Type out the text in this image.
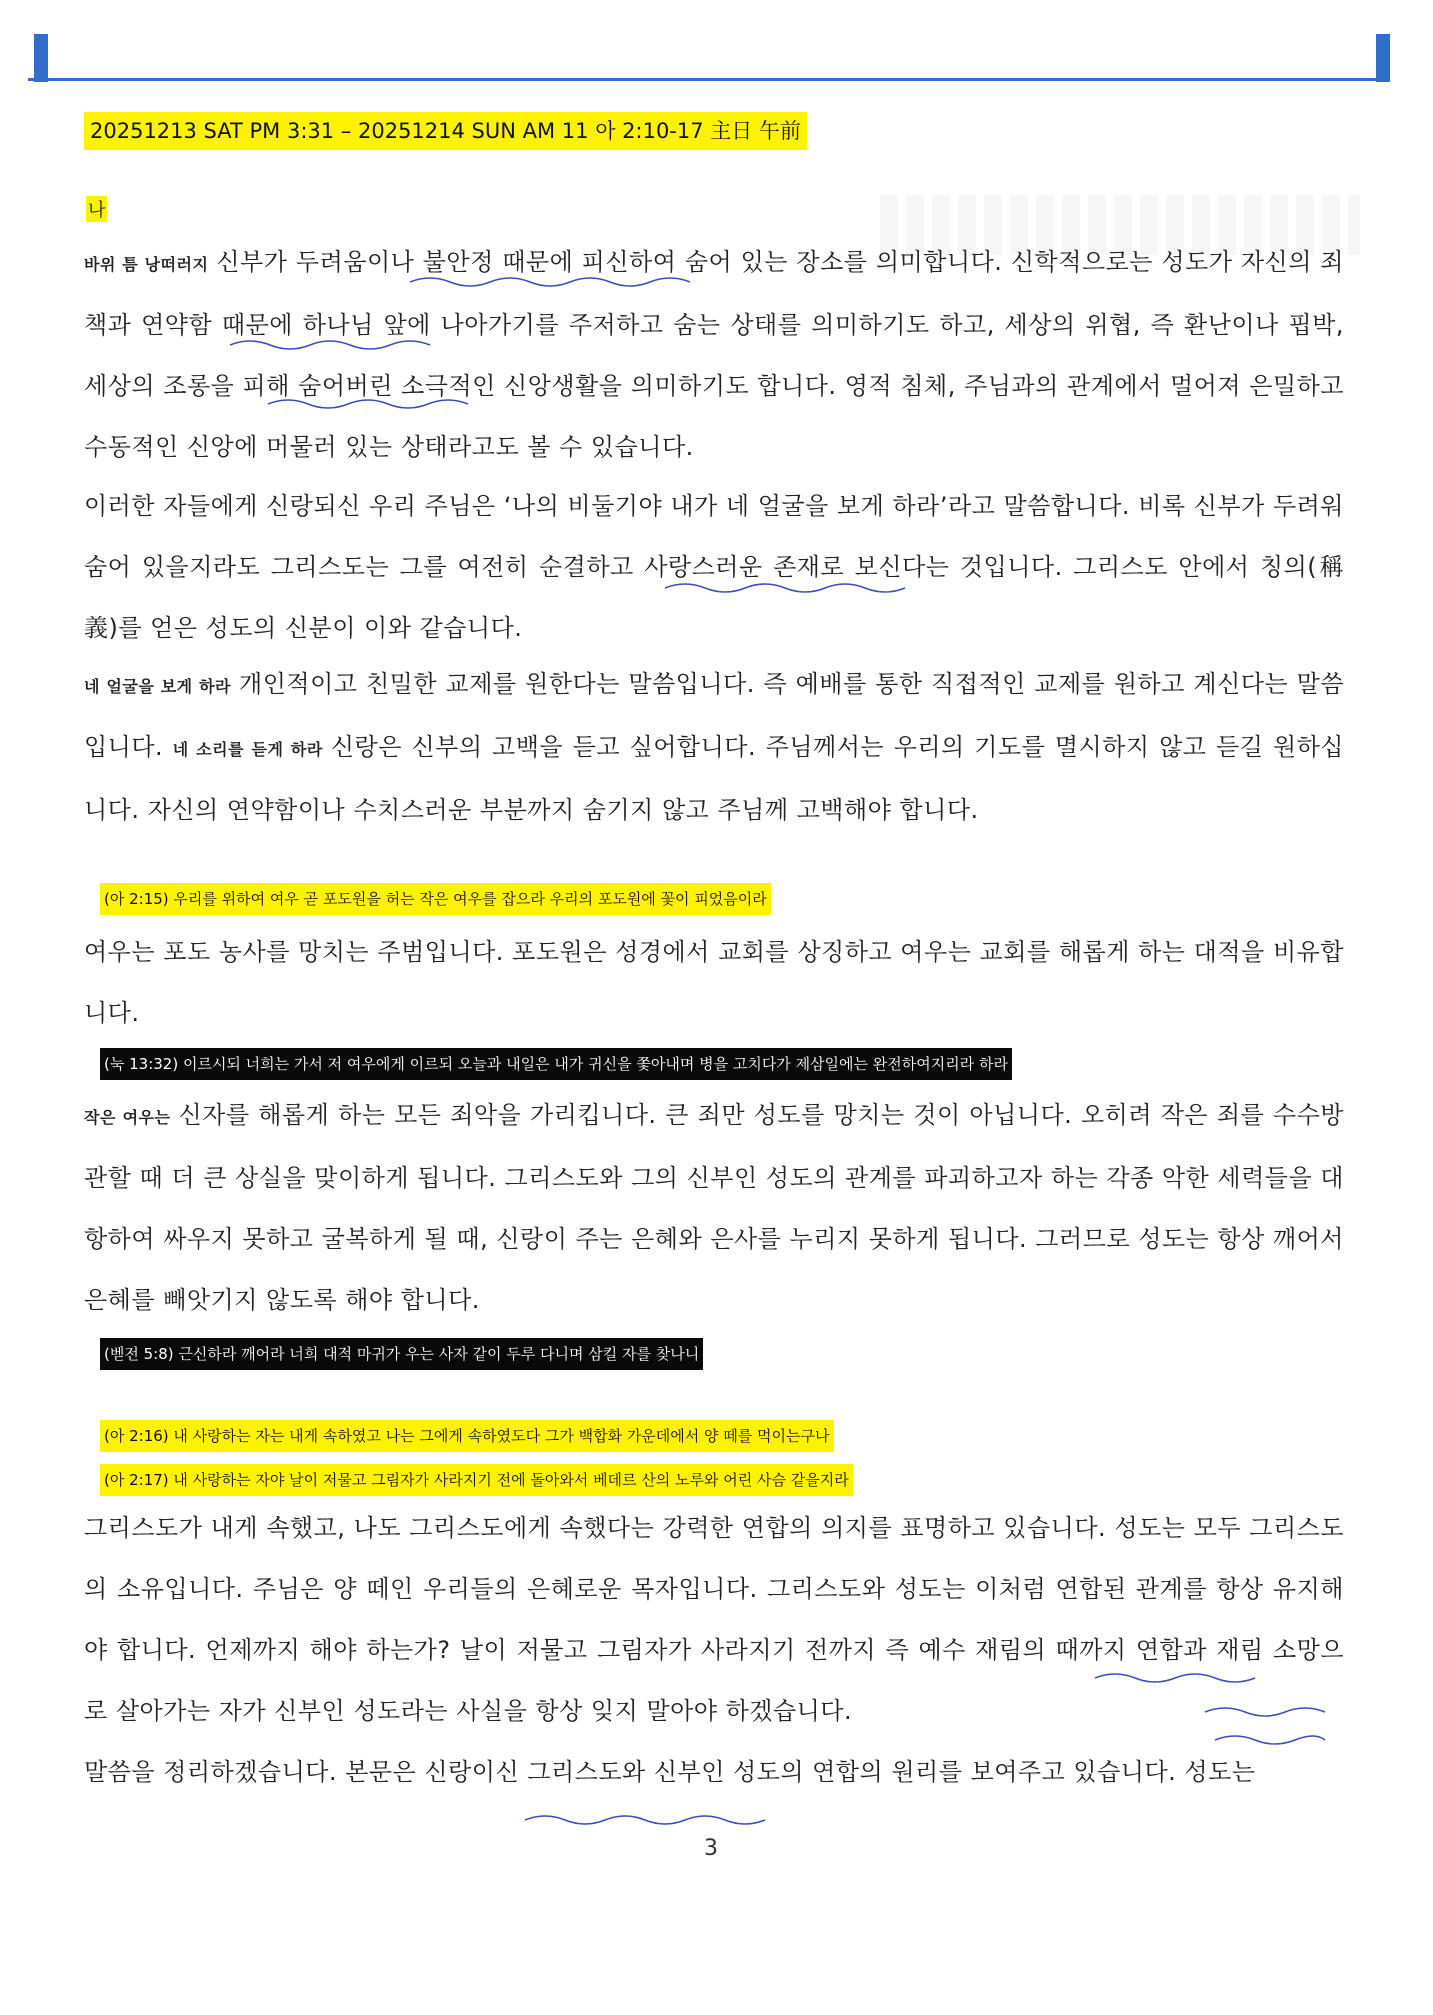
20251213 SAT PM 3:31 – 20251214 SUN AM 11 아 2:10-17 主日 午前
나
바위 틈 낭떠러지 신부가 두려움이나 불안정 때문에 피신하여 숨어 있는 장소를 의미합니다. 신학적으로는 성도가 자신의 죄책과 연약함 때문에 하나님 앞에 나아가기를 주저하고 숨는 상태를 의미하기도 하고, 세상의 위협, 즉 환난이나 핍박, 세상의 조롱을 피해 숨어버린 소극적인 신앙생활을 의미하기도 합니다. 영적 침체, 주님과의 관계에서 멀어져 은밀하고 수동적인 신앙에 머물러 있는 상태라고도 볼 수 있습니다.
이러한 자들에게 신랑되신 우리 주님은 ‘나의 비둘기야 내가 네 얼굴을 보게 하라’라고 말씀합니다. 비록 신부가 두려워 숨어 있을지라도 그리스도는 그를 여전히 순결하고 사랑스러운 존재로 보신다는 것입니다. 그리스도 안에서 칭의(稱義)를 얻은 성도의 신분이 이와 같습니다.
네 얼굴을 보게 하라 개인적이고 친밀한 교제를 원한다는 말씀입니다. 즉 예배를 통한 직접적인 교제를 원하고 계신다는 말씀입니다. 네 소리를 듣게 하라 신랑은 신부의 고백을 듣고 싶어합니다. 주님께서는 우리의 기도를 멸시하지 않고 듣길 원하십니다. 자신의 연약함이나 수치스러운 부분까지 숨기지 않고 주님께 고백해야 합니다.
(아 2:15) 우리를 위하여 여우 곧 포도원을 허는 작은 여우를 잡으라 우리의 포도원에 꽃이 피었음이라
여우는 포도 농사를 망치는 주범입니다. 포도원은 성경에서 교회를 상징하고 여우는 교회를 해롭게 하는 대적을 비유합니다.
(눅 13:32) 이르시되 너희는 가서 저 여우에게 이르되 오늘과 내일은 내가 귀신을 쫓아내며 병을 고치다가 제삼일에는 완전하여지리라 하라
작은 여우는 신자를 해롭게 하는 모든 죄악을 가리킵니다. 큰 죄만 성도를 망치는 것이 아닙니다. 오히려 작은 죄를 수수방관할 때 더 큰 상실을 맞이하게 됩니다. 그리스도와 그의 신부인 성도의 관계를 파괴하고자 하는 각종 악한 세력들을 대항하여 싸우지 못하고 굴복하게 될 때, 신랑이 주는 은혜와 은사를 누리지 못하게 됩니다. 그러므로 성도는 항상 깨어서 은혜를 빼앗기지 않도록 해야 합니다.
(벧전 5:8) 근신하라 깨어라 너희 대적 마귀가 우는 사자 같이 두루 다니며 삼킬 자를 찾나니
(아 2:16) 내 사랑하는 자는 내게 속하였고 나는 그에게 속하였도다 그가 백합화 가운데에서 양 떼를 먹이는구나
(아 2:17) 내 사랑하는 자야 날이 저물고 그림자가 사라지기 전에 돌아와서 베데르 산의 노루와 어린 사슴 같을지라
그리스도가 내게 속했고, 나도 그리스도에게 속했다는 강력한 연합의 의지를 표명하고 있습니다. 성도는 모두 그리스도의 소유입니다. 주님은 양 떼인 우리들의 은혜로운 목자입니다. 그리스도와 성도는 이처럼 연합된 관계를 항상 유지해야 합니다. 언제까지 해야 하는가? 날이 저물고 그림자가 사라지기 전까지 즉 예수 재림의 때까지 연합과 재림 소망으로 살아가는 자가 신부인 성도라는 사실을 항상 잊지 말아야 하겠습니다.
말씀을 정리하겠습니다. 본문은 신랑이신 그리스도와 신부인 성도의 연합의 원리를 보여주고 있습니다. 성도는
3
